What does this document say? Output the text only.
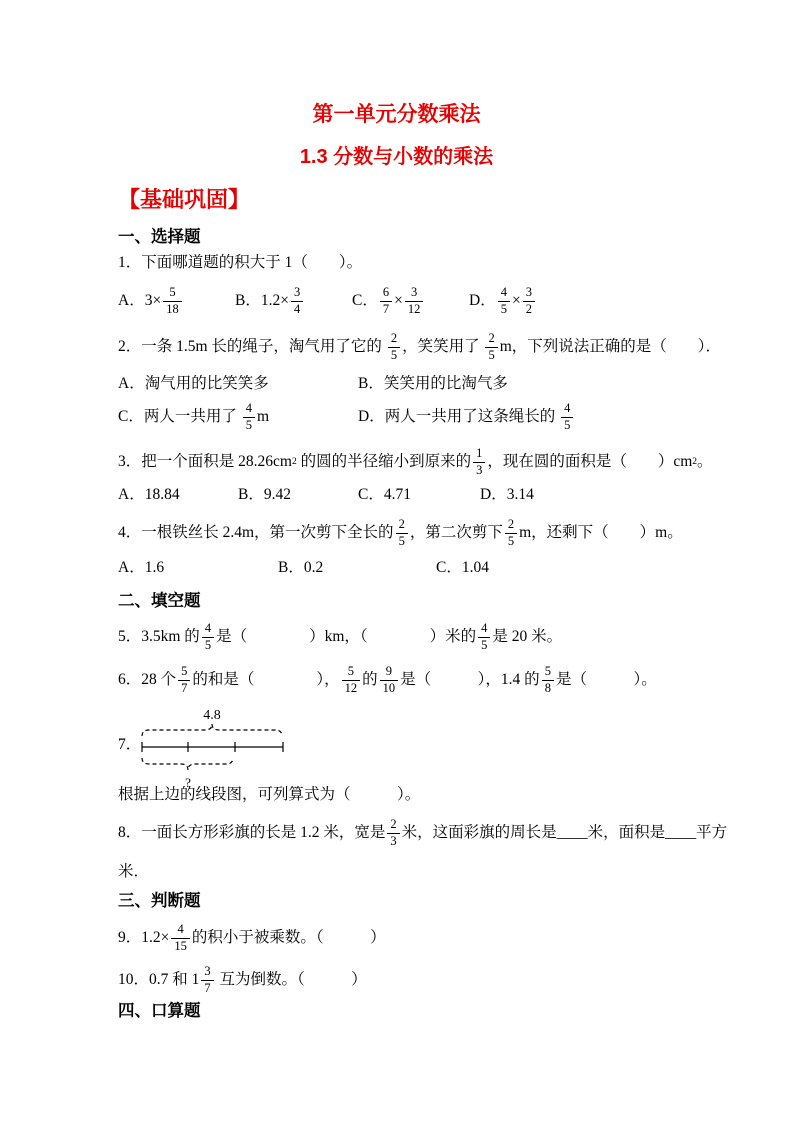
第一单元分数乘法
1.3 分数与小数的乘法
【基础巩固】
一、选择题
1．下面哪道题的积大于 1（　　）。
A．$3\times \frac{5}{18}$	B．$1.2\times \frac{3}{4}$	C． $\frac{6}{7} \times \frac{3}{12}$	D． $\frac{4}{5} \times \frac{3}{2}$
2．一条 1.5m 长的绳子，淘气用了它的 $\frac{2}{5}$ ，笑笑用了 $\frac{2}{5}$ m，下列说法正确的是（　　）．
A．淘气用的比笑笑多	B．笑笑用的比淘气多
C．两人一共用了 $\frac{4}{5}$ m	D．两人一共用了这条绳长的 $\frac{4}{5}$
3．把一个面积是 28.26cm 2 的圆的半径缩小到原来的 $\frac{1}{3}$ ，现在圆的面积是（　　）cm 2 。
A．18.84	B．9.42	C．4.71	D．3.14
4．一根铁丝长 2.4m，第一次剪下全长的 $\frac{2}{5}$ ，第二次剪下 $\frac{2}{5}$ m，还剩下（　　）m。
A．1.6	B．0.2	C．1.04
二、填空题
5．3.5km 的 $\frac{4}{5}$ 是（　　　　）km，（　　　　）米的 $\frac{4}{5}$ 是 20 米。
6．28 个 $\frac{5}{7}$ 的和是（　　　　）， $\frac{5}{12}$ 的 $\frac{9}{10}$ 是（　　　），1.4 的 $\frac{5}{8}$ 是（　　　）。
7．
4.8
?
根据上边的线段图，可列算式为（　　　）。
8．一面长方形彩旗的长是 1.2 米，宽是 $\frac{2}{3}$ 米，这面彩旗的周长是____米，面积是____平方
米．
三、判断题
9．$1.2\times \frac{4}{15}$ 的积小于被乘数。（　　　）
10．0.7 和 $1 \frac{3}{7}$ 互为倒数。（　　　）
四、口算题
